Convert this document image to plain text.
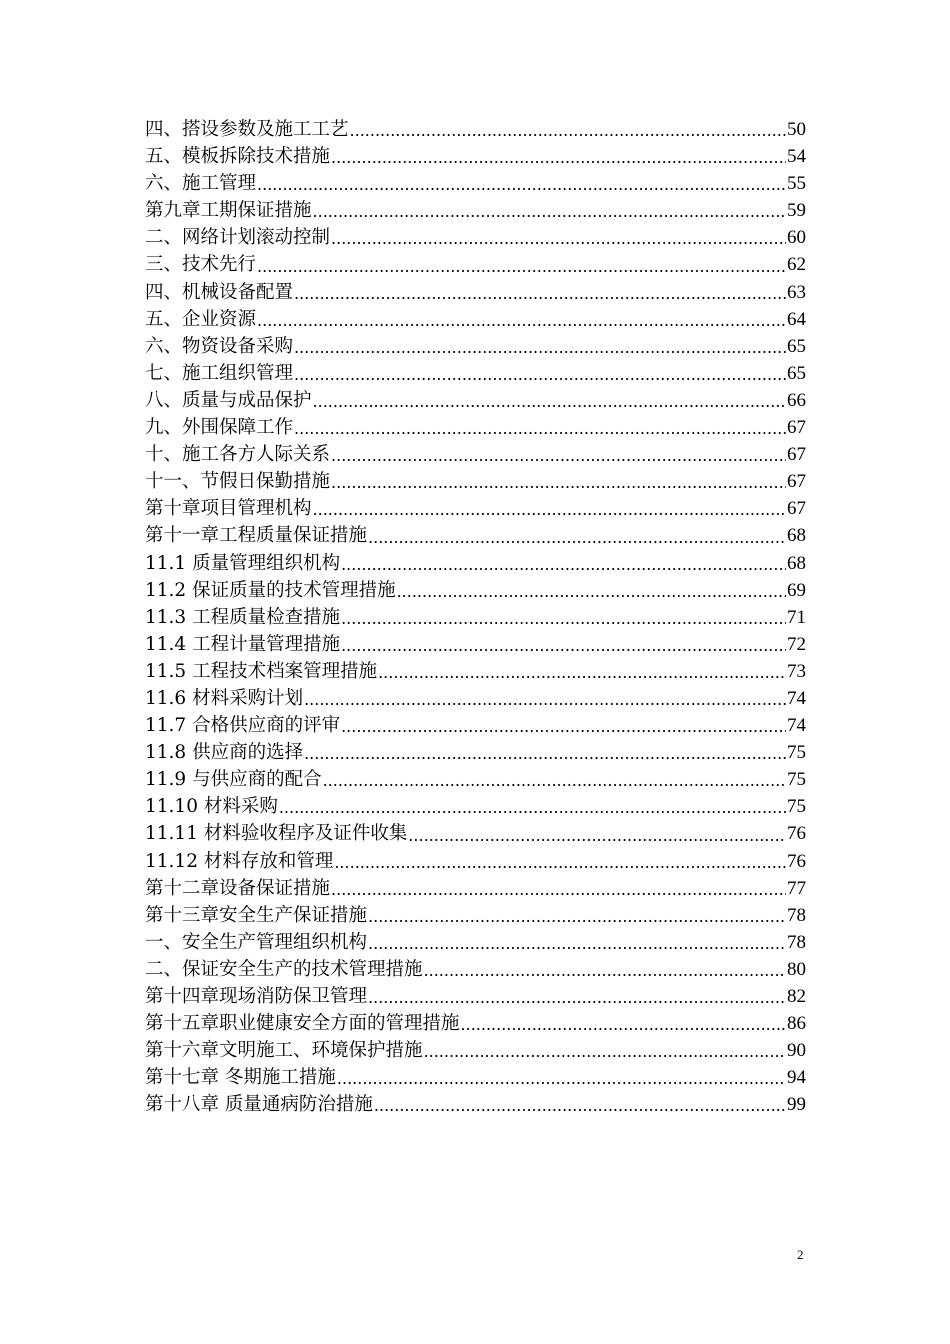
四、搭设参数及施工工艺 .....	50
五、模板拆除技术措施 .....	54
六、施工管理 .....	55
第九章工期保证措施 .....	59
二、网络计划滚动控制 .....	60
三、技术先行 .....	62
四、机械设备配置 .....	63
五、企业资源 .....	64
六、物资设备采购 .....	65
七、施工组织管理 .....	65
八、质量与成品保护 .....	66
九、外围保障工作 .....	67
十、施工各方人际关系 .....	67
十一、节假日保勤措施 .....	67
第十章项目管理机构 .....	67
第十一章工程质量保证措施 .....	68
11.1 质量管理组织机构 .....	68
11.2 保证质量的技术管理措施 .....	69
11.3 工程质量检查措施 .....	71
11.4 工程计量管理措施 .....	72
11.5 工程技术档案管理措施 .....	73
11.6 材料采购计划 .....	74
11.7 合格供应商的评审 .....	74
11.8 供应商的选择 .....	75
11.9 与供应商的配合 .....	75
11.10 材料采购 .....	75
11.11 材料验收程序及证件收集 .....	76
11.12 材料存放和管理 .....	76
第十二章设备保证措施 .....	77
第十三章安全生产保证措施 .....	78
一、安全生产管理组织机构 .....	78
二、保证安全生产的技术管理措施 .....	80
第十四章现场消防保卫管理 .....	82
第十五章职业健康安全方面的管理措施 .....	86
第十六章文明施工、环境保护措施 .....	90
第十七章 冬期施工措施 .....	94
第十八章 质量通病防治措施 .....	99
2
